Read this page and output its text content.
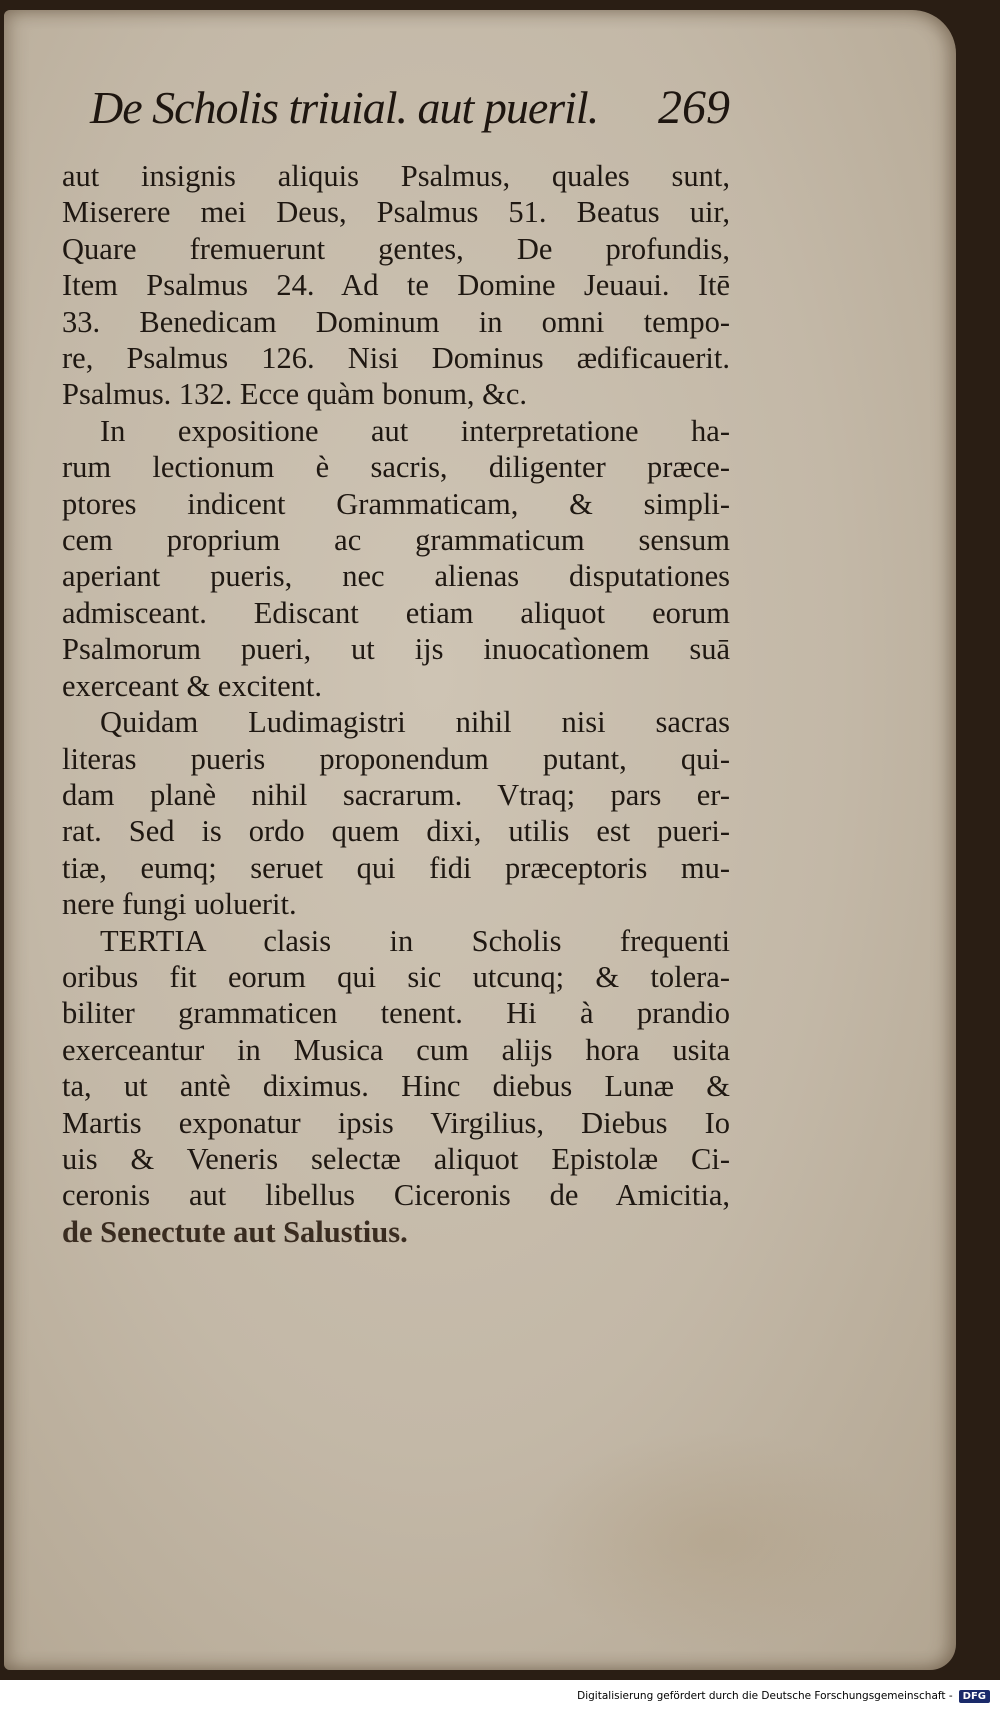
De Scholis triuial. aut pueril. 269
aut insignis aliquis Psalmus, quales sunt,
Miserere mei Deus, Psalmus 51. Beatus uir,
Quare fremuerunt gentes, De profundis,
Item Psalmus 24. Ad te Domine Jeuaui. Itē
33. Benedicam Dominum in omni tempo-
re, Psalmus 126. Nisi Dominus ædificauerit.
Psalmus. 132. Ecce quàm bonum, &c.
In expositione aut interpretatione ha-
rum lectionum è sacris, diligenter præce-
ptores indicent Grammaticam, & simpli-
cem proprium ac grammaticum sensum
aperiant pueris, nec alienas disputationes
admisceant. Ediscant etiam aliquot eorum
Psalmorum pueri, ut ijs inuocatìonem suā
exerceant & excitent.
Quidam Ludimagistri nihil nisi sacras
literas pueris proponendum putant, qui-
dam planè nihil sacrarum. Vtraq; pars er-
rat. Sed is ordo quem dixi, utilis est pueri-
tiæ, eumq; seruet qui fidi præceptoris mu-
nere fungi uoluerit.
TERTIA clasis in Scholis frequenti
oribus fit eorum qui sic utcunq; & tolera-
biliter grammaticen tenent. Hi à prandio
exerceantur in Musica cum alijs hora usita
ta, ut antè diximus. Hinc diebus Lunæ &
Martis exponatur ipsis Virgilius, Diebus Io
uis & Veneris selectæ aliquot Epistolæ Ci-
ceronis aut libellus Ciceronis de Amicitia,
de Senectute aut Salustius.
Digitalisierung gefördert durch die Deutsche Forschungsgemeinschaft -	DFG
